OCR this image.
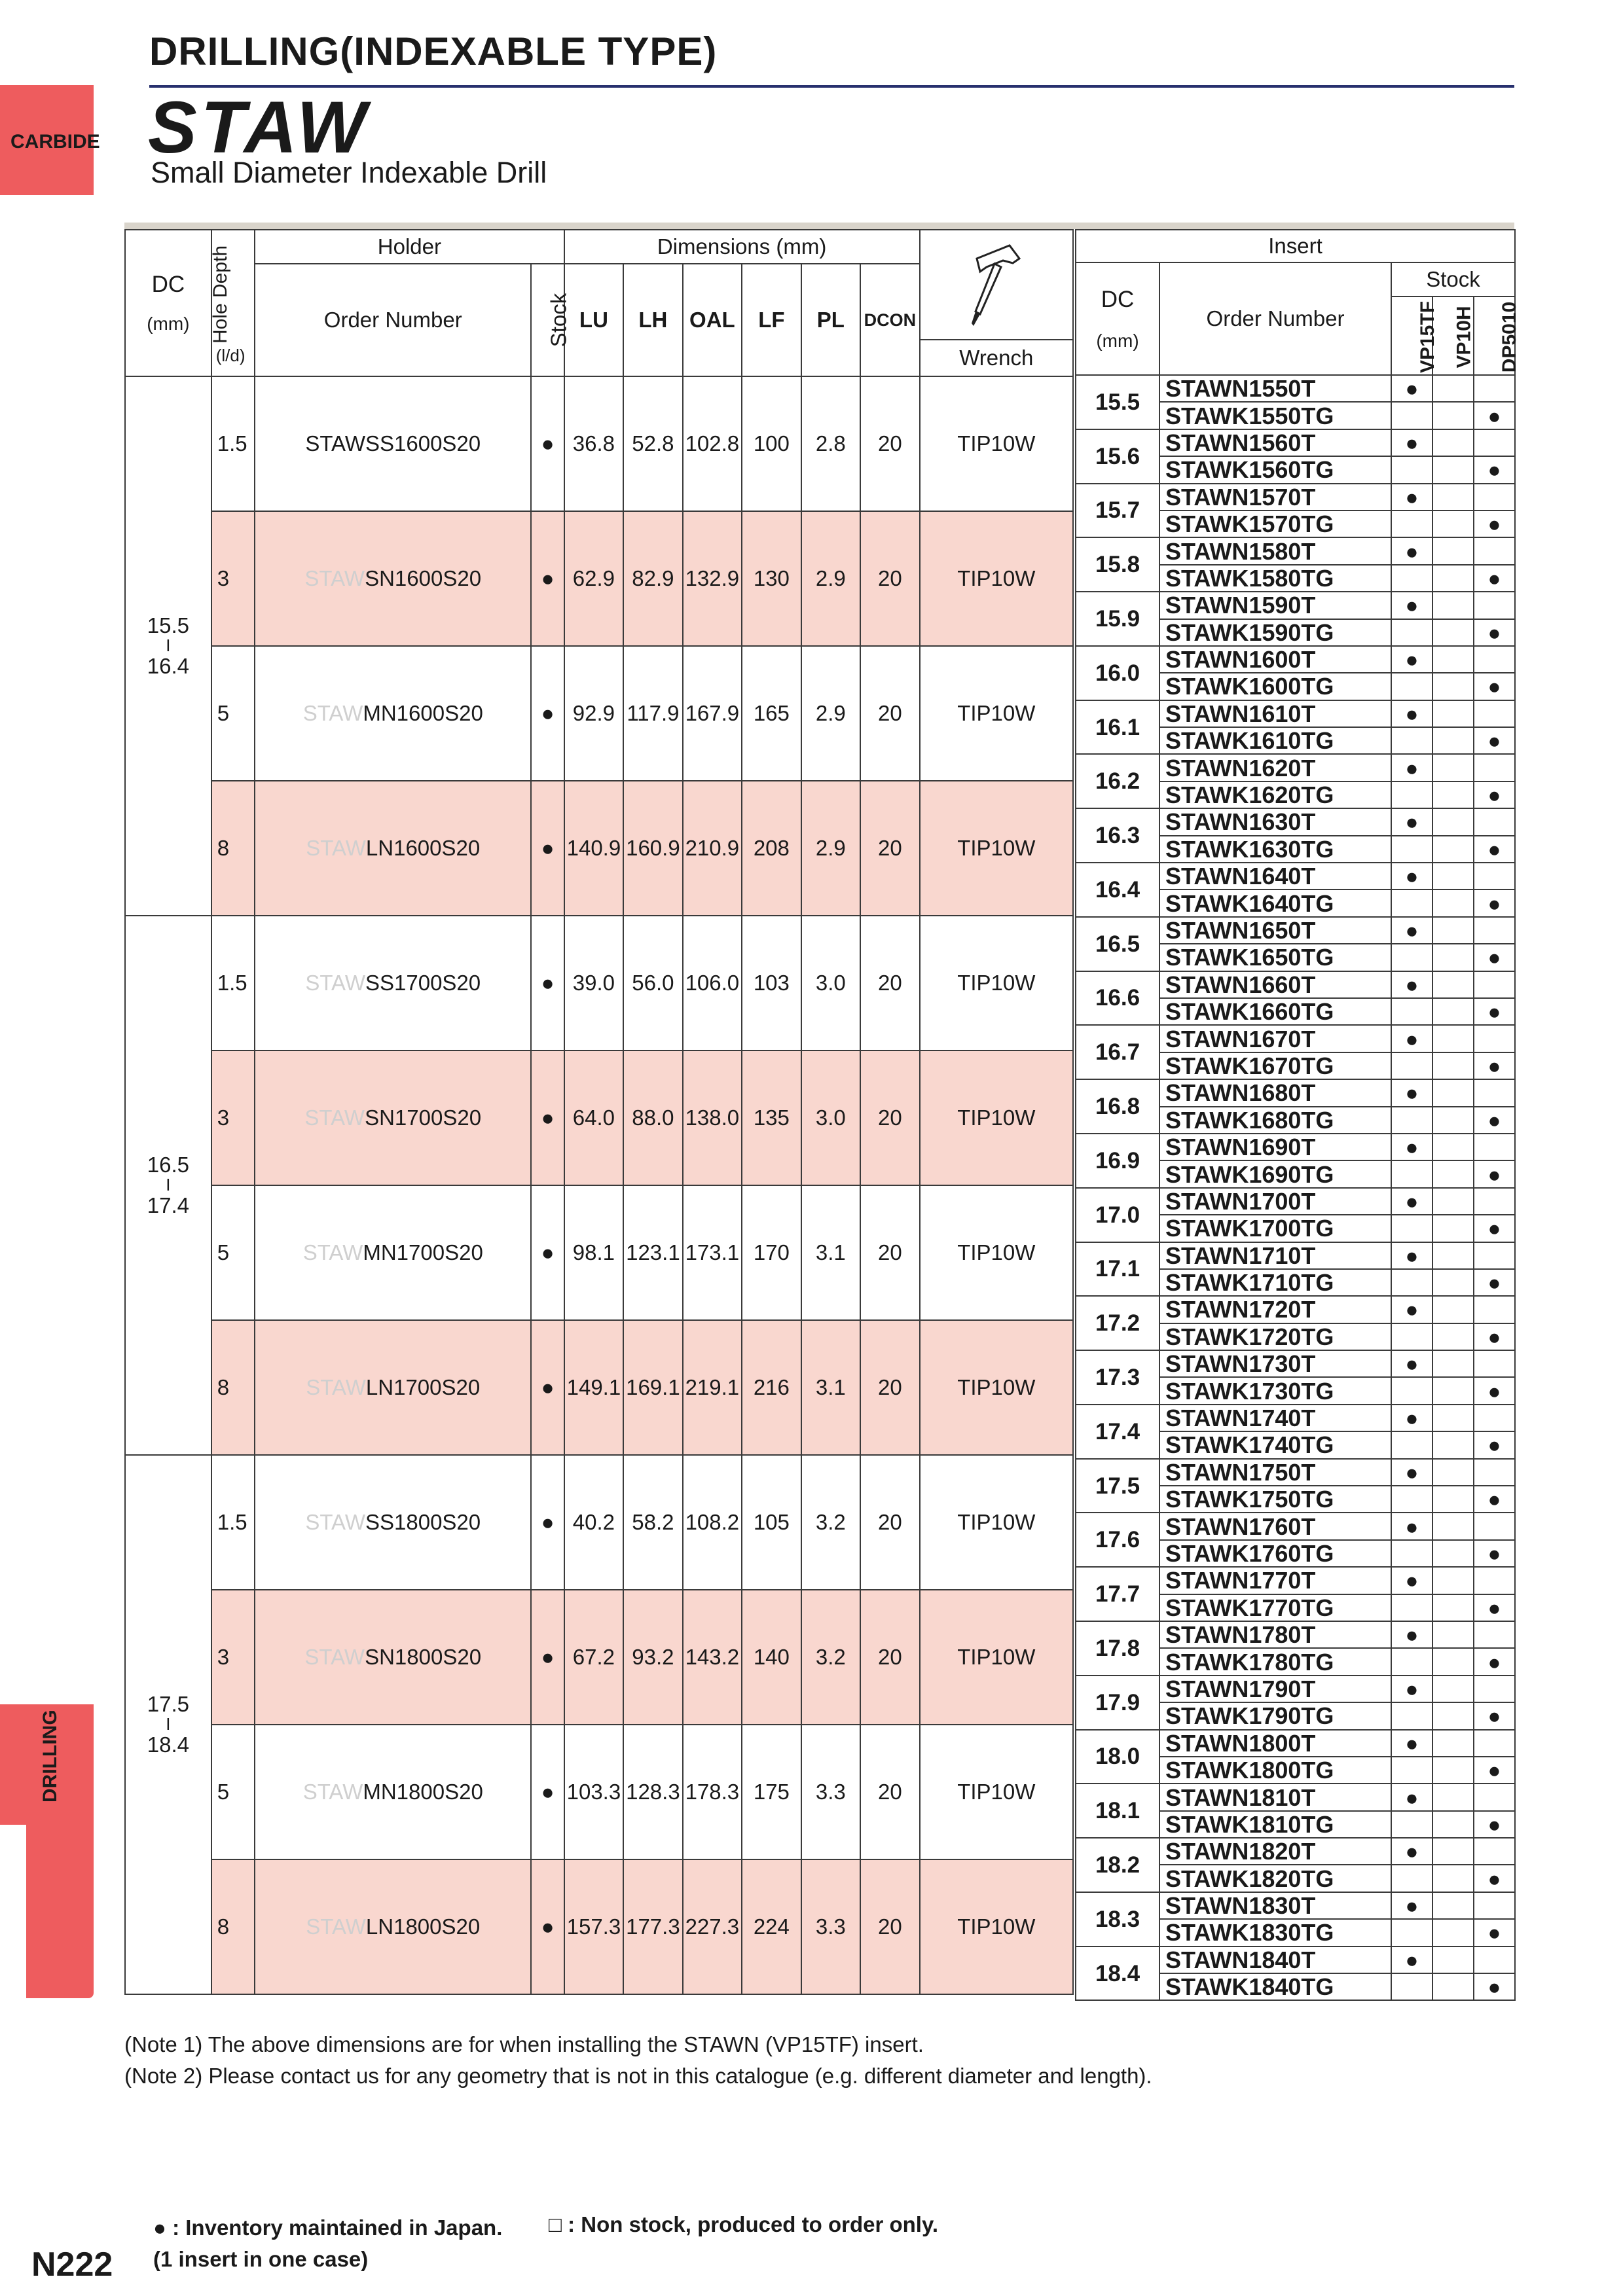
DRILLING(INDEXABLE TYPE)
STAW
Small Diameter Indexable Drill
CARBIDE
DRILLING
DC
(mm)	Hole Depth
(l/d)	Holder		Dimensions (mm)						Wrench

		Order Number	Stock	LU	LH	OAL	LF	PL	DCON	

15.5
I
16.4	1.5	STAWSS1600S20	●	36.8	52.8	102.8	100	2.8	20	TIP10W
	3	STAWSN1600S20	●	62.9	82.9	132.9	130	2.9	20	TIP10W
	5	STAWMN1600S20	●	92.9	117.9	167.9	165	2.9	20	TIP10W
	8	STAWLN1600S20	●	140.9	160.9	210.9	208	2.9	20	TIP10W

16.5
I
17.4	1.5	STAWSS1700S20	●	39.0	56.0	106.0	103	3.0	20	TIP10W
	3	STAWSN1700S20	●	64.0	88.0	138.0	135	3.0	20	TIP10W
	5	STAWMN1700S20	●	98.1	123.1	173.1	170	3.1	20	TIP10W
	8	STAWLN1700S20	●	149.1	169.1	219.1	216	3.1	20	TIP10W

17.5
I
18.4	1.5	STAWSS1800S20	●	40.2	58.2	108.2	105	3.2	20	TIP10W
	3	STAWSN1800S20	●	67.2	93.2	143.2	140	3.2	20	TIP10W
	5	STAWMN1800S20	●	103.3	128.3	178.3	175	3.3	20	TIP10W
	8	STAWLN1800S20	●	157.3	177.3	227.3	224	3.3	20	TIP10W
Insert				
DC
(mm)	Order Number	Stock		
		VP15TF	VP10H	DP5010
15.5	STAWN1550T	●		
	STAWK1550TG			●
15.6	STAWN1560T	●		
	STAWK1560TG			●
15.7	STAWN1570T	●		
	STAWK1570TG			●
15.8	STAWN1580T	●		
	STAWK1580TG			●
15.9	STAWN1590T	●		
	STAWK1590TG			●
16.0	STAWN1600T	●		
	STAWK1600TG			●
16.1	STAWN1610T	●		
	STAWK1610TG			●
16.2	STAWN1620T	●		
	STAWK1620TG			●
16.3	STAWN1630T	●		
	STAWK1630TG			●
16.4	STAWN1640T	●		
	STAWK1640TG			●
16.5	STAWN1650T	●		
	STAWK1650TG			●
16.6	STAWN1660T	●		
	STAWK1660TG			●
16.7	STAWN1670T	●		
	STAWK1670TG			●
16.8	STAWN1680T	●		
	STAWK1680TG			●
16.9	STAWN1690T	●		
	STAWK1690TG			●
17.0	STAWN1700T	●		
	STAWK1700TG			●
17.1	STAWN1710T	●		
	STAWK1710TG			●
17.2	STAWN1720T	●		
	STAWK1720TG			●
17.3	STAWN1730T	●		
	STAWK1730TG			●
17.4	STAWN1740T	●		
	STAWK1740TG			●
17.5	STAWN1750T	●		
	STAWK1750TG			●
17.6	STAWN1760T	●		
	STAWK1760TG			●
17.7	STAWN1770T	●		
	STAWK1770TG			●
17.8	STAWN1780T	●		
	STAWK1780TG			●
17.9	STAWN1790T	●		
	STAWK1790TG			●
18.0	STAWN1800T	●		
	STAWK1800TG			●
18.1	STAWN1810T	●		
	STAWK1810TG			●
18.2	STAWN1820T	●		
	STAWK1820TG			●
18.3	STAWN1830T	●		
	STAWK1830TG			●
18.4	STAWN1840T	●		
	STAWK1840TG			●
(Note 1) The above dimensions are for when installing the STAWN (VP15TF) insert.
(Note 2) Please contact us for any geometry that is not in this catalogue (e.g. different diameter and length).
● : Inventory maintained in Japan.
(1 insert in one case)
□ : Non stock, produced to order only.
N222
